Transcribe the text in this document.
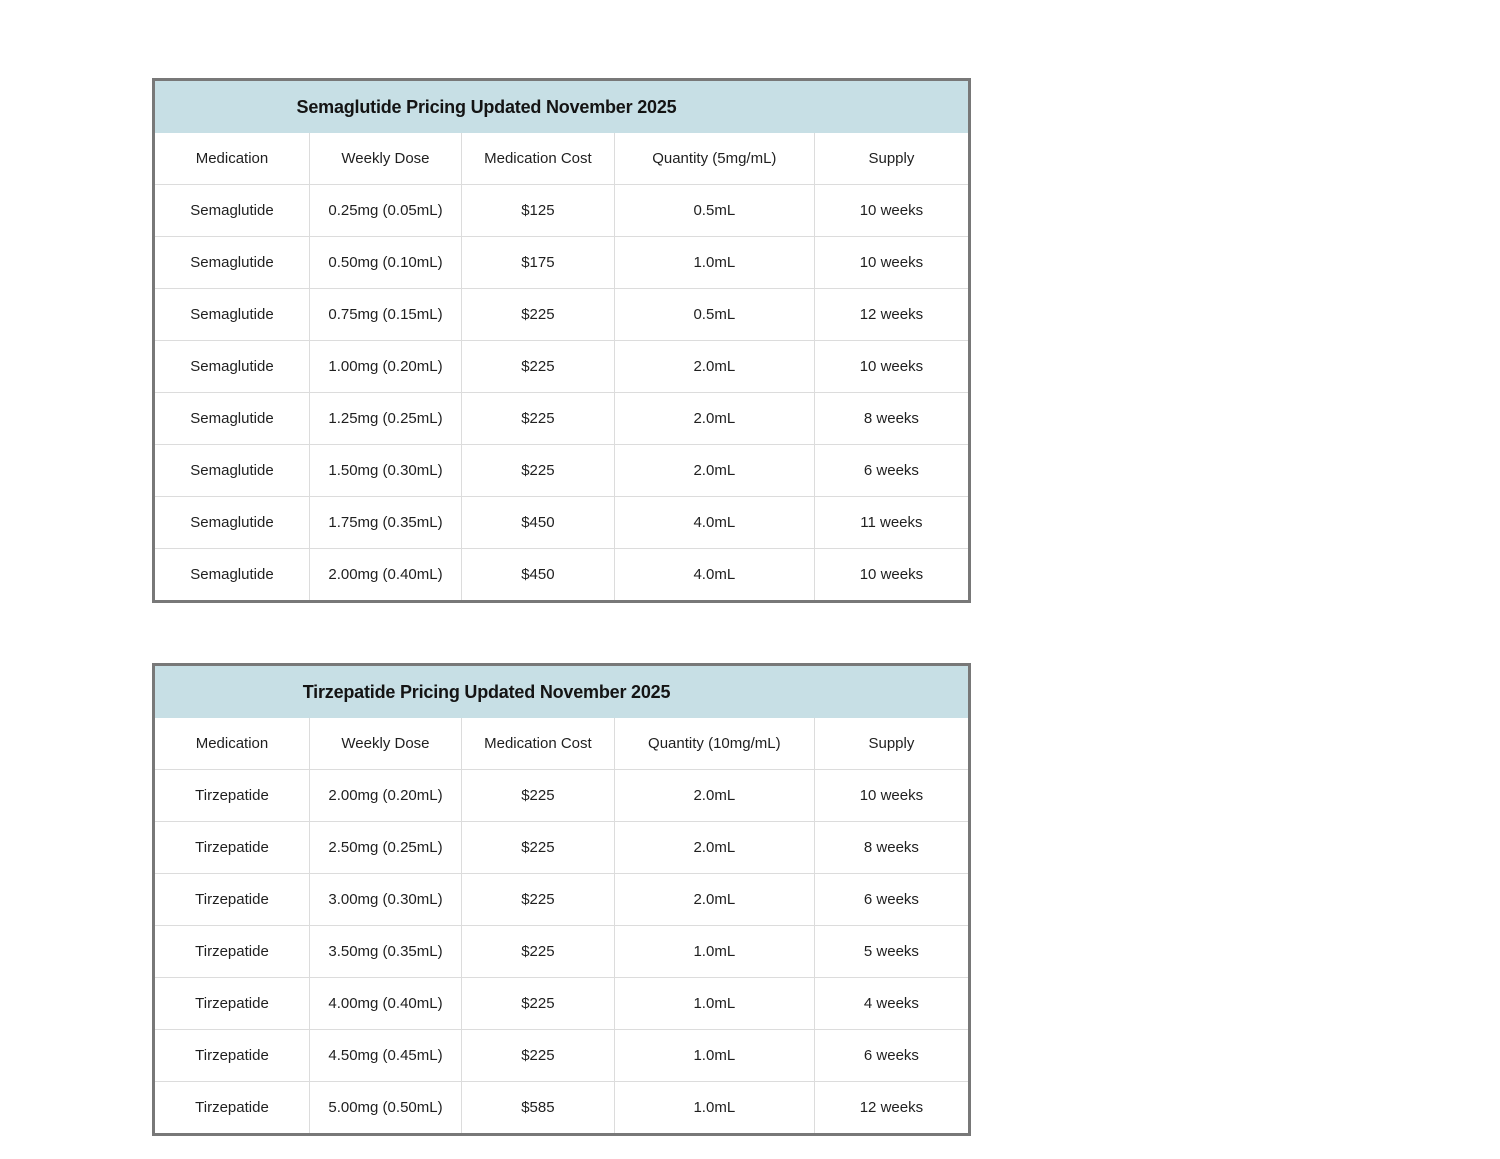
Semaglutide Pricing Updated November 2025
Medication	Weekly Dose	Medication Cost	Quantity (5mg/mL)	Supply
Semaglutide	0.25mg (0.05mL)	$125	0.5mL	10 weeks
Semaglutide	0.50mg (0.10mL)	$175	1.0mL	10 weeks
Semaglutide	0.75mg (0.15mL)	$225	0.5mL	12 weeks
Semaglutide	1.00mg (0.20mL)	$225	2.0mL	10 weeks
Semaglutide	1.25mg (0.25mL)	$225	2.0mL	8 weeks
Semaglutide	1.50mg (0.30mL)	$225	2.0mL	6 weeks
Semaglutide	1.75mg (0.35mL)	$450	4.0mL	11 weeks
Semaglutide	2.00mg (0.40mL)	$450	4.0mL	10 weeks
Tirzepatide Pricing Updated November 2025
Medication	Weekly Dose	Medication Cost	Quantity (10mg/mL)	Supply
Tirzepatide	2.00mg (0.20mL)	$225	2.0mL	10 weeks
Tirzepatide	2.50mg (0.25mL)	$225	2.0mL	8 weeks
Tirzepatide	3.00mg (0.30mL)	$225	2.0mL	6 weeks
Tirzepatide	3.50mg (0.35mL)	$225	1.0mL	5 weeks
Tirzepatide	4.00mg (0.40mL)	$225	1.0mL	4 weeks
Tirzepatide	4.50mg (0.45mL)	$225	1.0mL	6 weeks
Tirzepatide	5.00mg (0.50mL)	$585	1.0mL	12 weeks
